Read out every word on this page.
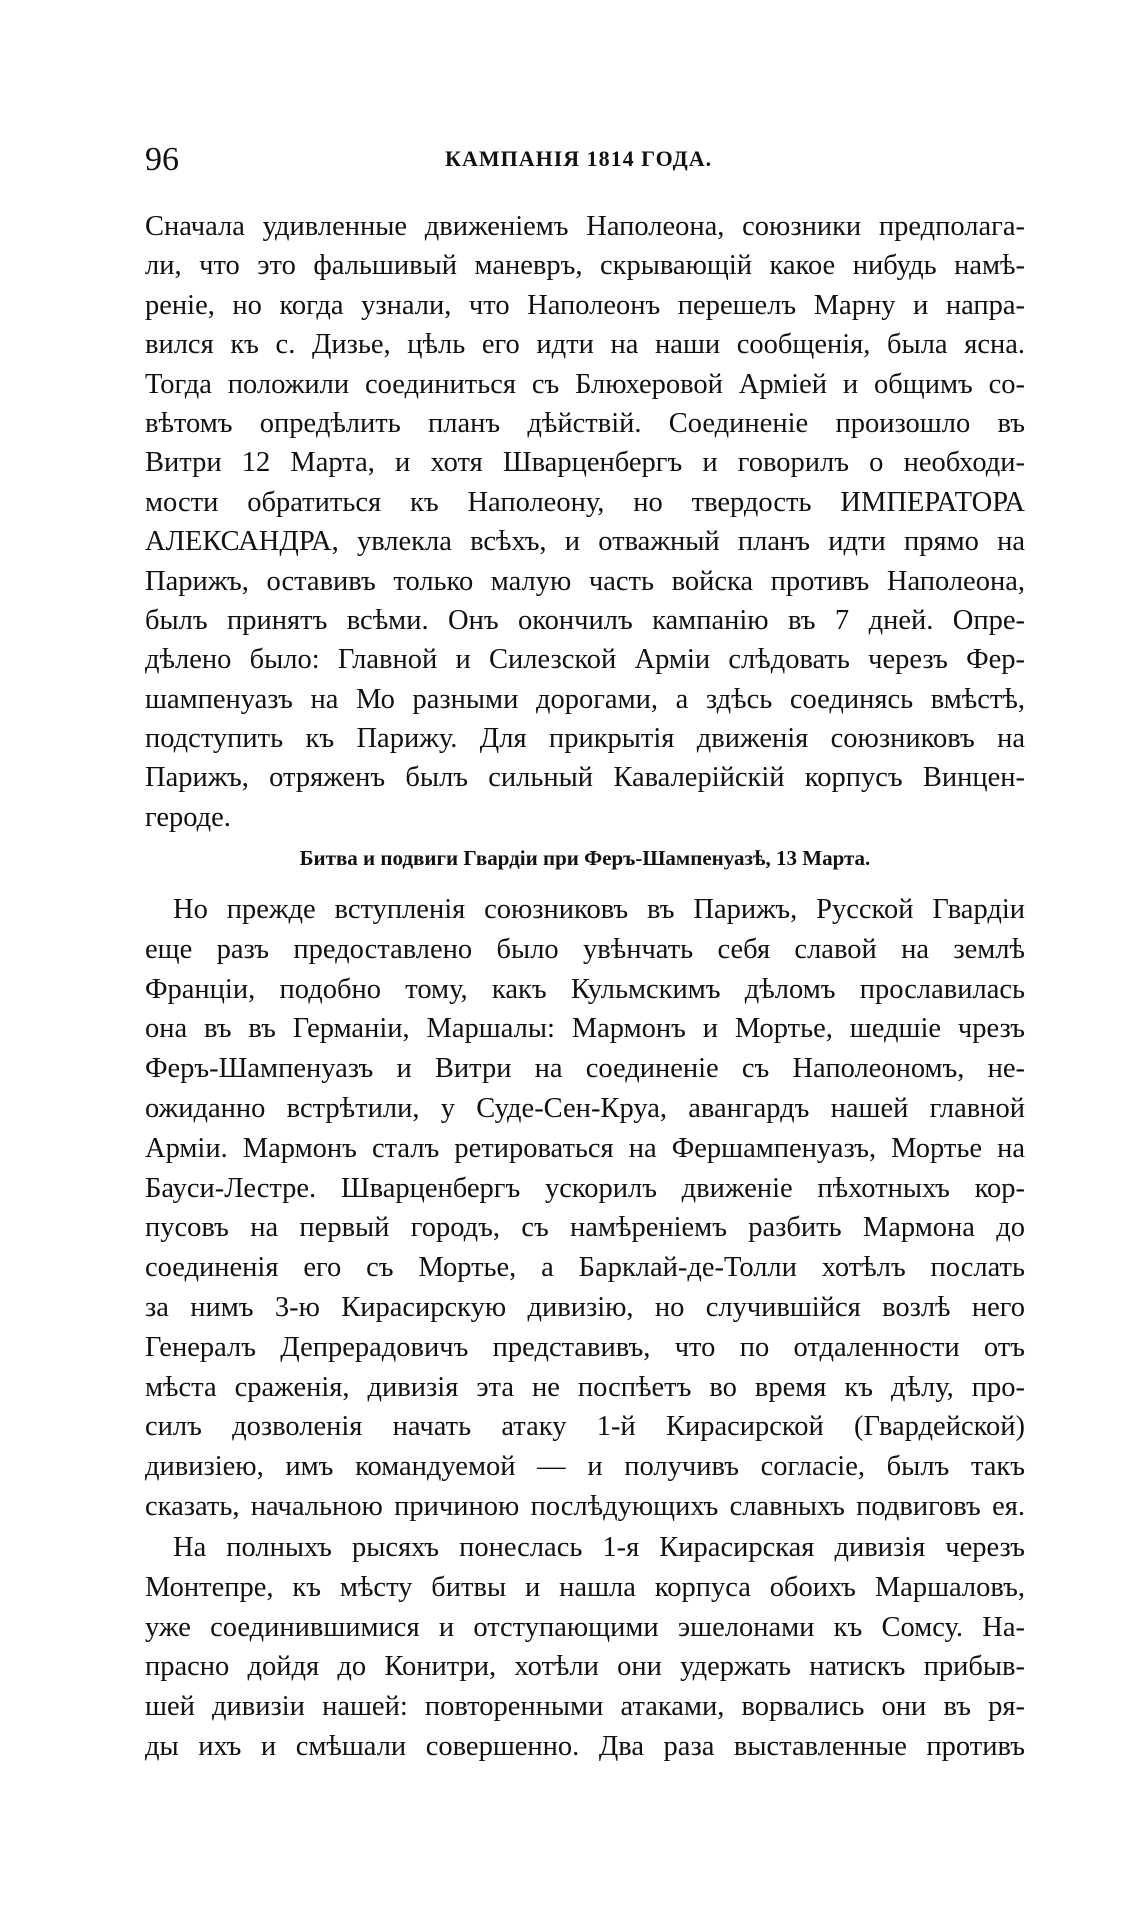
96	КАМПАНІЯ 1814 ГОДА.
Сначала удивленные движеніемъ Наполеона, союзники предполага-
ли, что это фальшивый маневръ, скрывающій какое нибудь намѣ-
реніе, но когда узнали, что Наполеонъ перешелъ Марну и напра-
вился къ с. Дизье, цѣль его идти на наши сообщенія, была ясна.
Тогда положили соединиться съ Блюхеровой Арміей и общимъ со-
вѣтомъ опредѣлить планъ дѣйствій. Соединеніе произошло въ
Витри 12 Марта, и хотя Шварценбергъ и говорилъ о необходи-
мости обратиться къ Наполеону, но твердость ИМПЕРАТОРА
АЛЕКСАНДРА, увлекла всѣхъ, и отважный планъ идти прямо на
Парижъ, оставивъ только малую часть войска противъ Наполеона,
былъ принятъ всѣми. Онъ окончилъ кампанію въ 7 дней. Опре-
дѣлено было: Главной и Силезской Арміи слѣдовать черезъ Фер-
шампенуазъ на Мо разными дорогами, а здѣсь соединясь вмѣстѣ,
подступить къ Парижу. Для прикрытія движенія союзниковъ на
Парижъ, отряженъ былъ сильный Кавалерійскій корпусъ Винцен-
героде.
Битва и подвиги Гвардіи при Феръ-Шампенуазѣ, 13 Марта.
Но прежде вступленія союзниковъ въ Парижъ, Русской Гвардіи
еще разъ предоставлено было увѣнчать себя славой на землѣ
Франціи, подобно тому, какъ Кульмскимъ дѣломъ прославилась
она въ въ Германіи, Маршалы: Мармонъ и Мортье, шедшіе чрезъ
Феръ-Шампенуазъ и Витри на соединеніе съ Наполеономъ, не-
ожиданно встрѣтили, у Суде-Сен-Круа, авангардъ нашей главной
Арміи. Мармонъ сталъ ретироваться на Фершампенуазъ, Мортье на
Бауси-Лестре. Шварценбергъ ускорилъ движеніе пѣхотныхъ кор-
пусовъ на первый городъ, съ намѣреніемъ разбить Мармона до
соединенія его съ Мортье, а Барклай-де-Толли хотѣлъ послать
за нимъ 3-ю Кирасирскую дивизію, но случившійся возлѣ него
Генералъ Депрерадовичъ представивъ, что по отдаленности отъ
мѣста сраженія, дивизія эта не поспѣетъ во время къ дѣлу, про-
силъ дозволенія начать атаку 1-й Кирасирской (Гвардейской)
дивизіею, имъ командуемой — и получивъ согласіе, былъ такъ
сказать, начальною причиною послѣдующихъ славныхъ подвиговъ ея.
На полныхъ рысяхъ понеслась 1-я Кирасирская дивизія черезъ
Монтепре, къ мѣсту битвы и нашла корпуса обоихъ Маршаловъ,
уже соединившимися и отступающими эшелонами къ Сомсу. На-
прасно дойдя до Конитри, хотѣли они удержать натискъ прибыв-
шей дивизіи нашей: повторенными атаками, ворвались они въ ря-
ды ихъ и смѣшали совершенно. Два раза выставленные противъ
